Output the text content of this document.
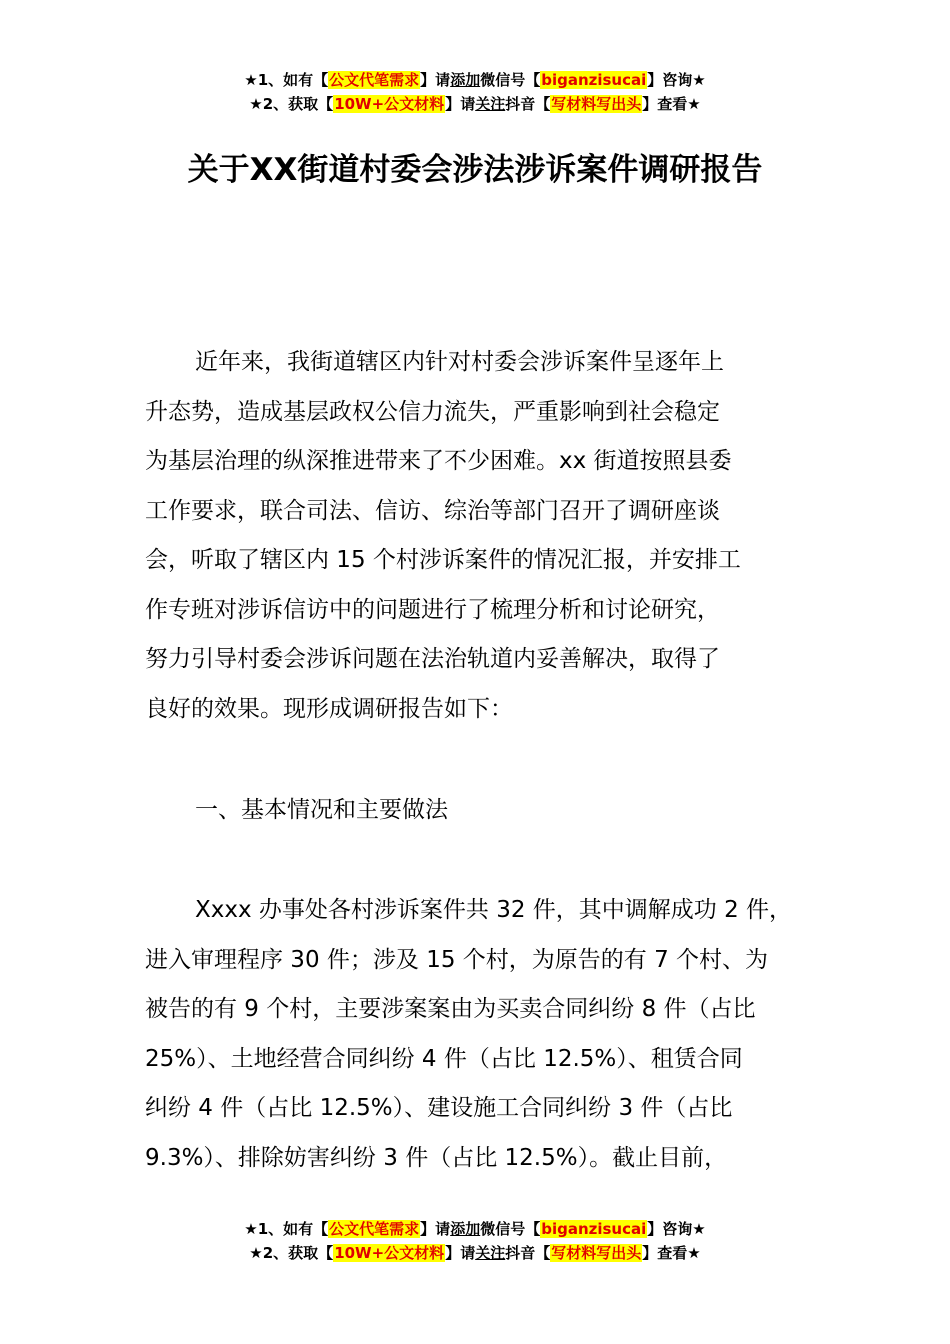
★1、如有【公文代笔需求】请添加微信号【biganzisucai】咨询★
★2、获取【10W+公文材料】请关注抖音【写材料写出头】查看★
关于XX街道村委会涉法涉诉案件调研报告
近年来，我街道辖区内针对村委会涉诉案件呈逐年上
升态势，造成基层政权公信力流失，严重影响到社会稳定
为基层治理的纵深推进带来了不少困难。xx 街道按照县委
工作要求，联合司法、信访、综治等部门召开了调研座谈
会，听取了辖区内 15 个村涉诉案件的情况汇报，并安排工
作专班对涉诉信访中的问题进行了梳理分析和讨论研究，
努力引导村委会涉诉问题在法治轨道内妥善解决，取得了
良好的效果。现形成调研报告如下：
一、基本情况和主要做法
Xxxx 办事处各村涉诉案件共 32 件，其中调解成功 2 件，
进入审理程序 30 件；涉及 15 个村，为原告的有 7 个村、为
被告的有 9 个村，主要涉案案由为买卖合同纠纷 8 件（占比
25%）、土地经营合同纠纷 4 件（占比 12.5%）、租赁合同
纠纷 4 件（占比 12.5%）、建设施工合同纠纷 3 件（占比
9.3%）、排除妨害纠纷 3 件（占比 12.5%）。截止目前，
★1、如有【公文代笔需求】请添加微信号【biganzisucai】咨询★
★2、获取【10W+公文材料】请关注抖音【写材料写出头】查看★
